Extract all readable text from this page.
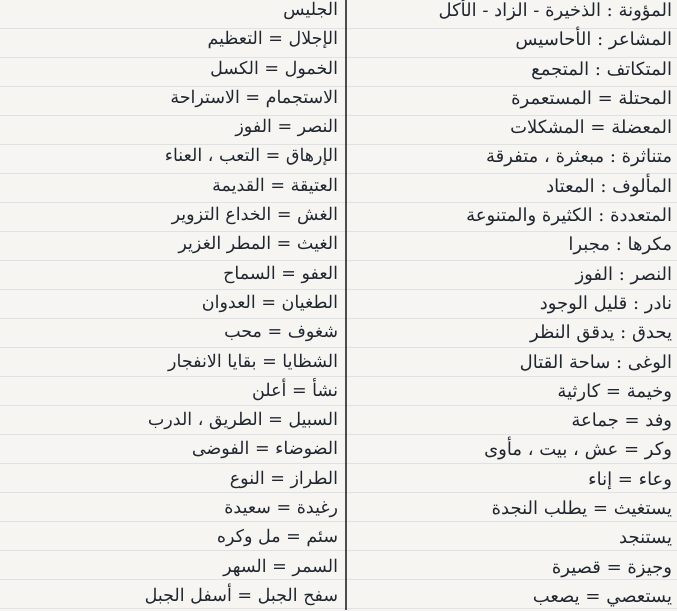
المؤونة : الذخيرة - الزاد - الأكل
المشاعر : الأحاسيس
المتكاتف : المتجمع
المحتلة = المستعمرة
المعضلة = المشكلات
متناثرة : مبعثرة ، متفرقة
المألوف : المعتاد
المتعددة : الكثيرة والمتنوعة
مكرها : مجبرا
النصر : الفوز
نادر : قليل الوجود
يحدق : يدقق النظر
الوغى : ساحة القتال
وخيمة = كارثية
وفد = جماعة
وكر = عش ، بيت ، مأوى
وعاء = إناء
يستغيث = يطلب النجدة
يستنجد
وجيزة = قصيرة
يستعصي = يصعب
الجليس
الإجلال = التعظيم
الخمول = الكسل
الاستجمام = الاستراحة
النصر = الفوز
الإرهاق = التعب ، العناء
العتيقة = القديمة
الغش = الخداع التزوير
الغيث = المطر الغزير
العفو = السماح
الطغيان = العدوان
شغوف = محب
الشظايا = بقايا الانفجار
نشأ = أعلن
السبيل = الطريق ، الدرب
الضوضاء = الفوضى
الطراز = النوع
رغيدة = سعيدة
سئم = مل وكره
السمر = السهر
سفح الجبل = أسفل الجبل
